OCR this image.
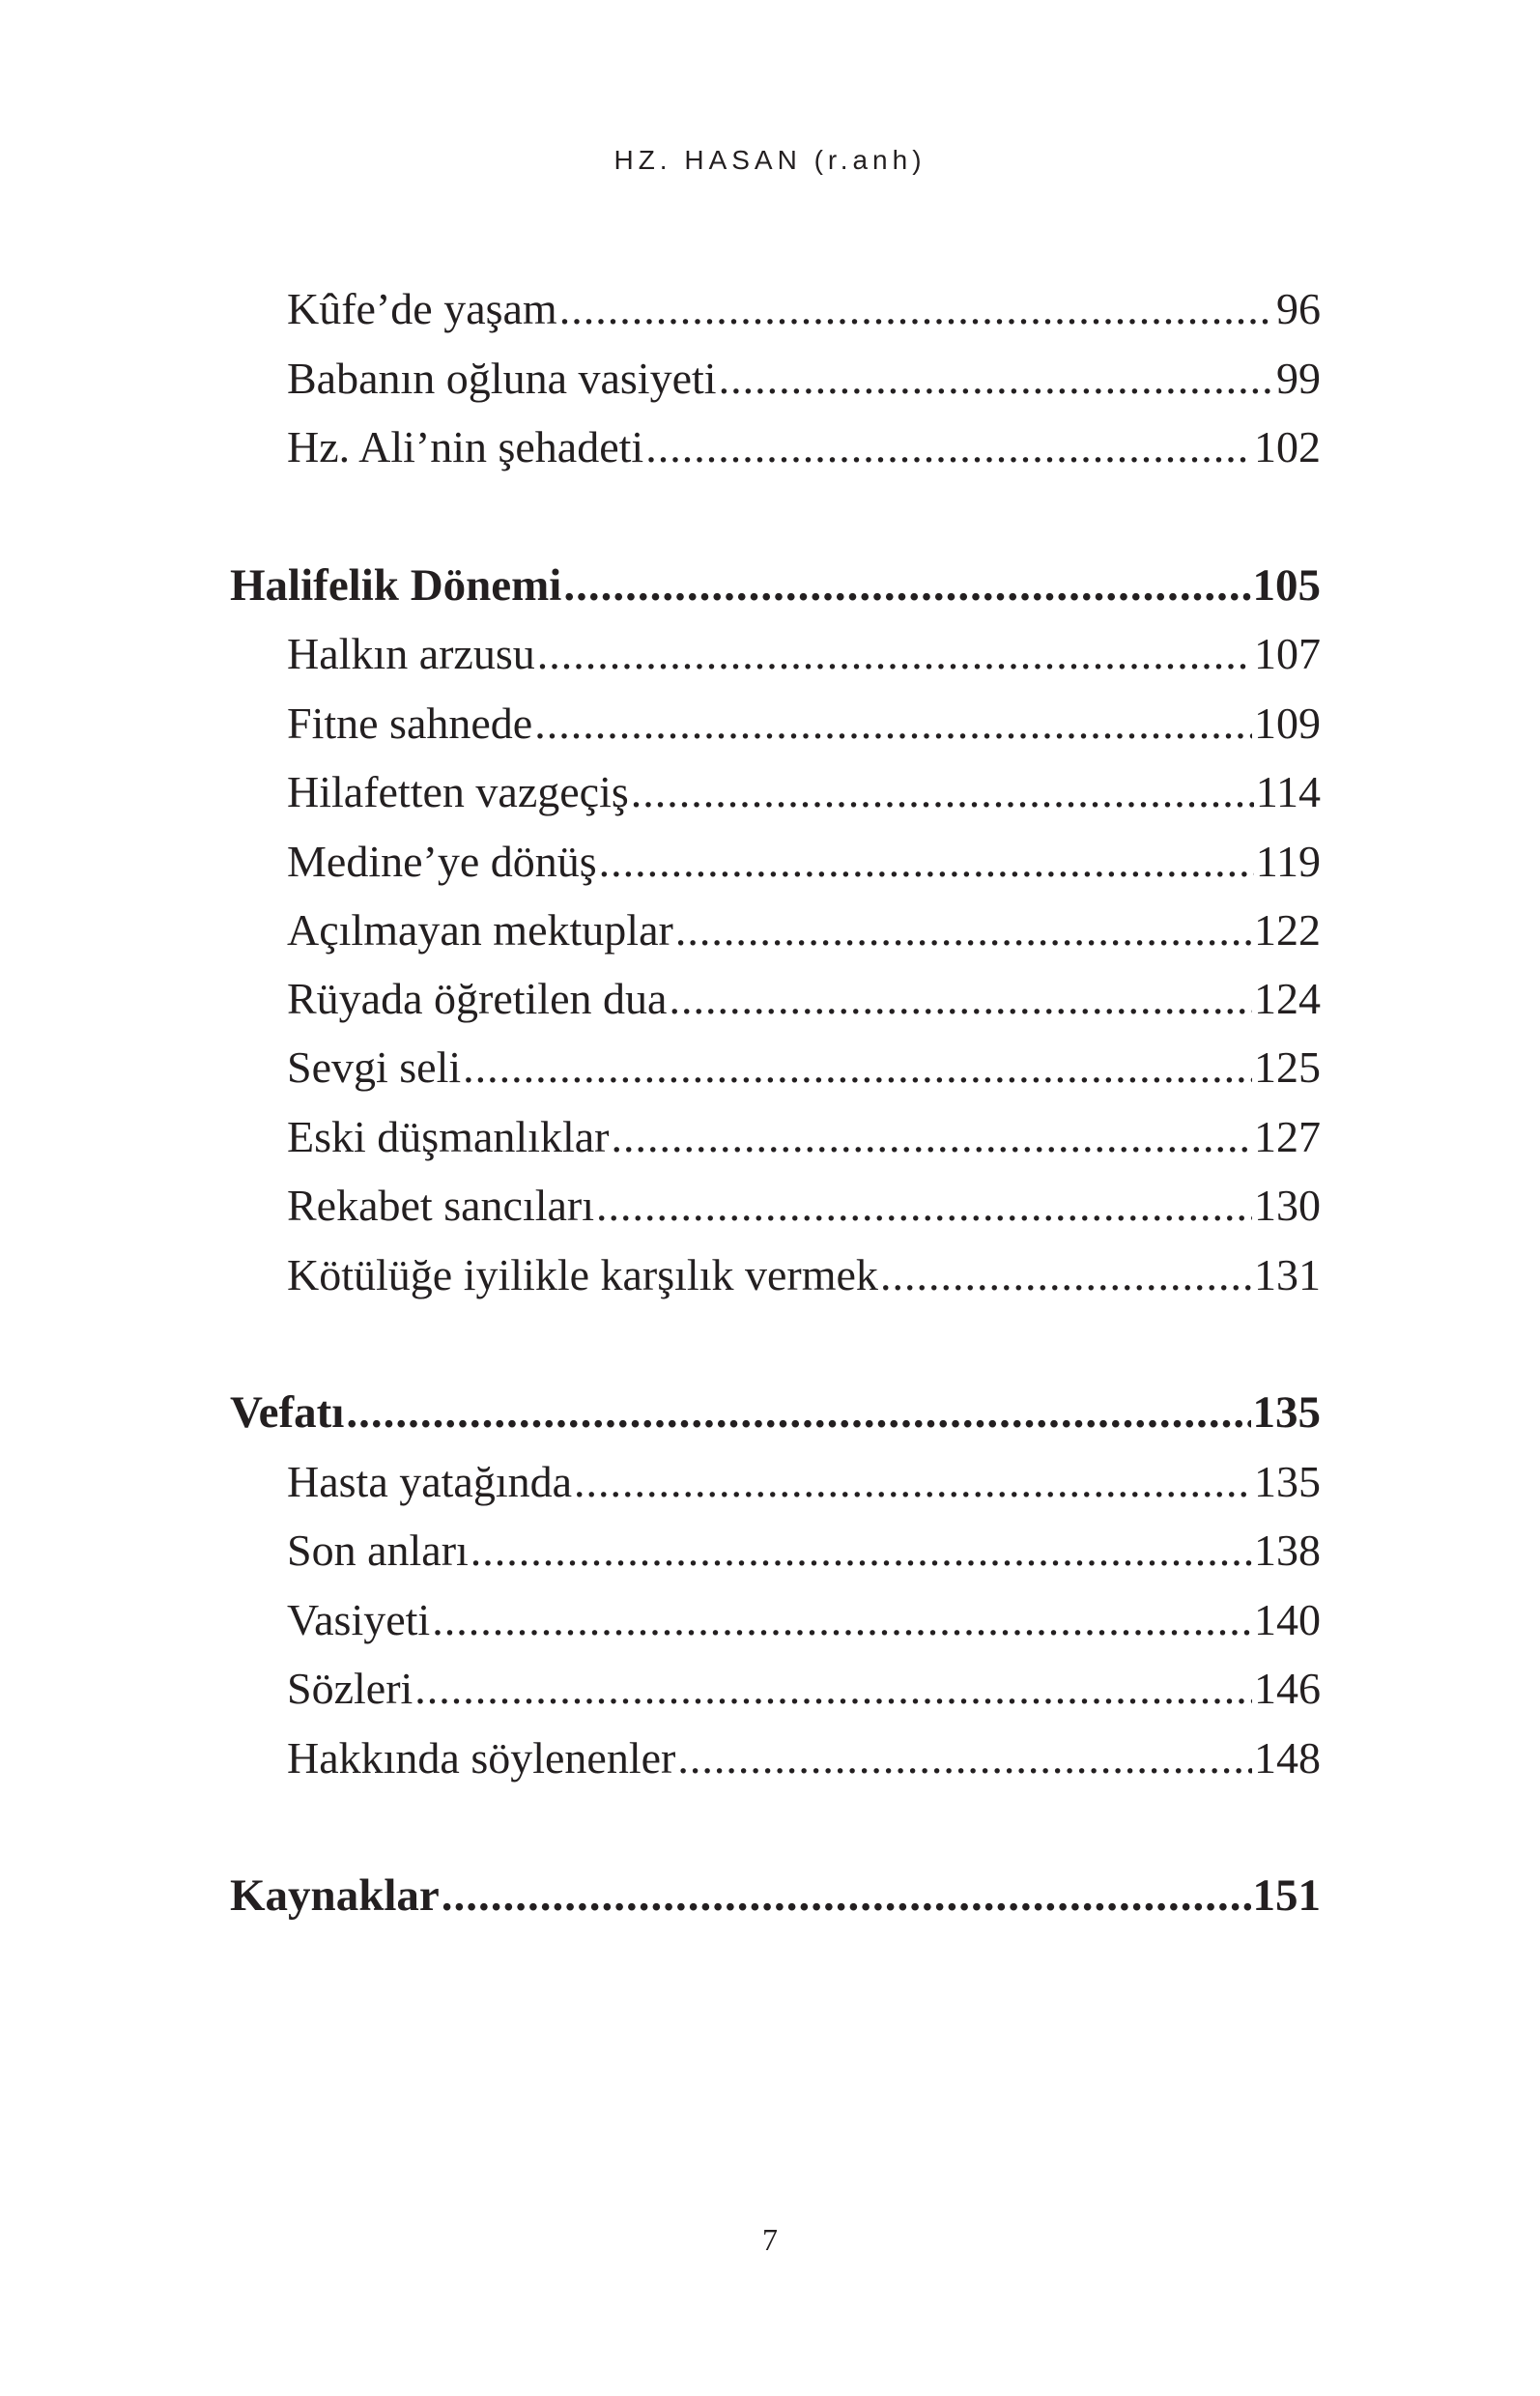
HZ. HASAN (r.anh)
Kûfe’de yaşam .....	96
Babanın oğluna vasiyeti .....	99
Hz. Ali’nin şehadeti .....	102
Halifelik Dönemi .....	105
Halkın arzusu .....	107
Fitne sahnede .....	109
Hilafetten vazgeçiş .....	114
Medine’ye dönüş .....	119
Açılmayan mektuplar .....	122
Rüyada öğretilen dua .....	124
Sevgi seli .....	125
Eski düşmanlıklar .....	127
Rekabet sancıları .....	130
Kötülüğe iyilikle karşılık vermek .....	131
Vefatı .....	135
Hasta yatağında .....	135
Son anları .....	138
Vasiyeti .....	140
Sözleri .....	146
Hakkında söylenenler .....	148
Kaynaklar .....	151
7
